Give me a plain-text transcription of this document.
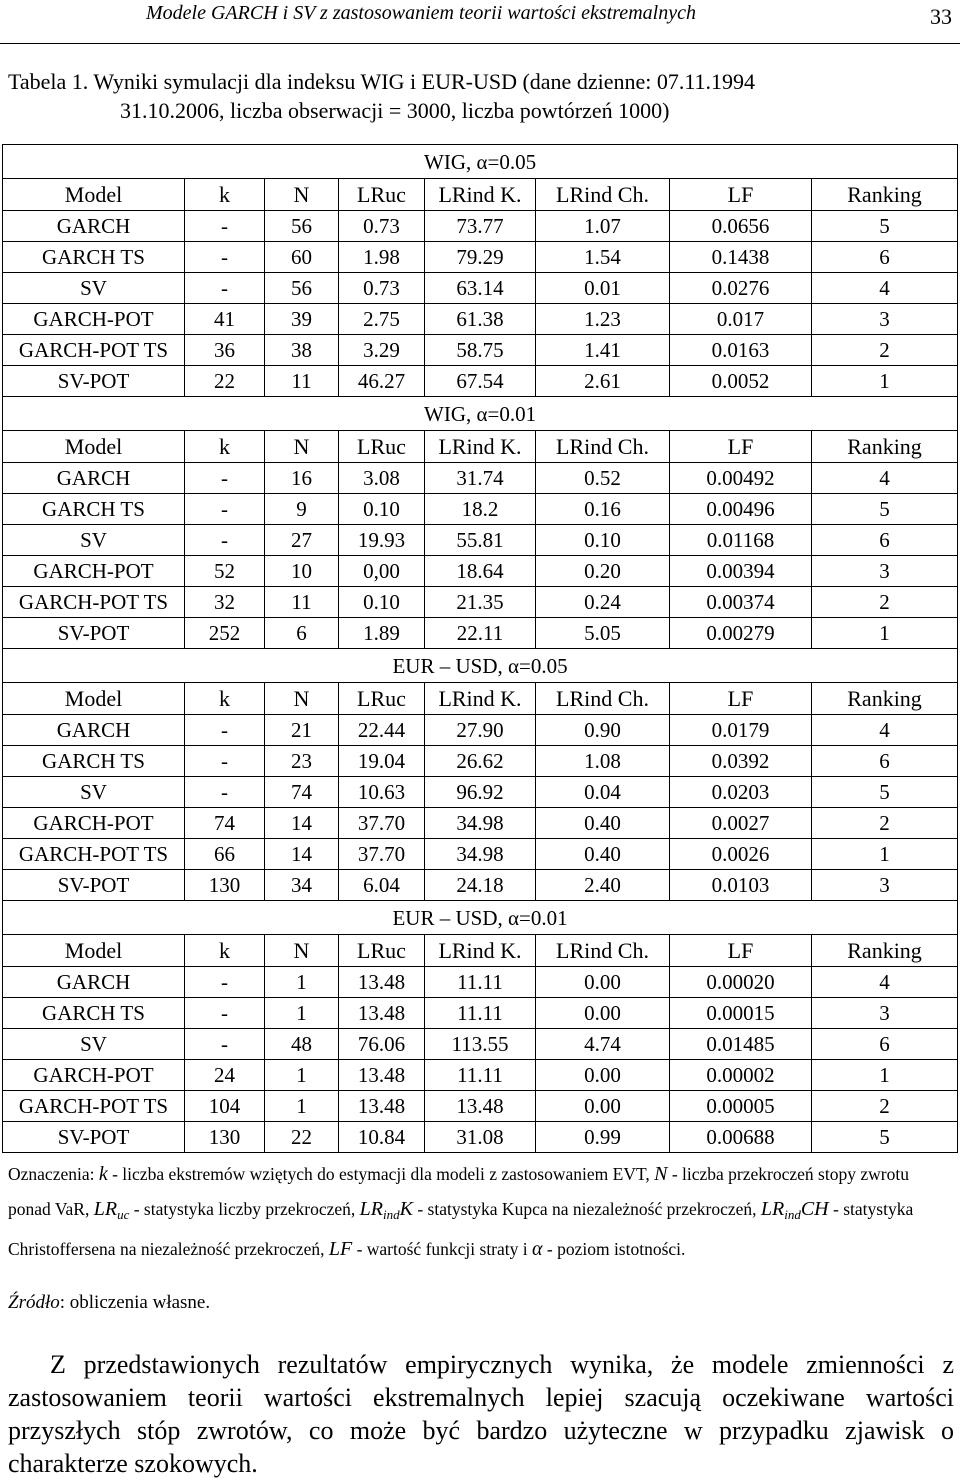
Modele GARCH i SV z zastosowaniem teorii wartości ekstremalnych	33
Tabela 1. Wyniki symulacji dla indeksu WIG i EUR-USD (dane dzienne: 07.11.1994
31.10.2006, liczba obserwacji = 3000, liczba powtórzeń 1000)
WIG, α=0.05							
Model	k	N	LRuc	LRind K.	LRind Ch.	LF	Ranking
GARCH	-	56	0.73	73.77	1.07	0.0656	5
GARCH TS	-	60	1.98	79.29	1.54	0.1438	6
SV	-	56	0.73	63.14	0.01	0.0276	4
GARCH-POT	41	39	2.75	61.38	1.23	0.017	3
GARCH-POT TS	36	38	3.29	58.75	1.41	0.0163	2
SV-POT	22	11	46.27	67.54	2.61	0.0052	1
WIG, α=0.01							
Model	k	N	LRuc	LRind K.	LRind Ch.	LF	Ranking
GARCH	-	16	3.08	31.74	0.52	0.00492	4
GARCH TS	-	9	0.10	18.2	0.16	0.00496	5
SV	-	27	19.93	55.81	0.10	0.01168	6
GARCH-POT	52	10	0,00	18.64	0.20	0.00394	3
GARCH-POT TS	32	11	0.10	21.35	0.24	0.00374	2
SV-POT	252	6	1.89	22.11	5.05	0.00279	1
EUR – USD, α=0.05							
Model	k	N	LRuc	LRind K.	LRind Ch.	LF	Ranking
GARCH	-	21	22.44	27.90	0.90	0.0179	4
GARCH TS	-	23	19.04	26.62	1.08	0.0392	6
SV	-	74	10.63	96.92	0.04	0.0203	5
GARCH-POT	74	14	37.70	34.98	0.40	0.0027	2
GARCH-POT TS	66	14	37.70	34.98	0.40	0.0026	1
SV-POT	130	34	6.04	24.18	2.40	0.0103	3
EUR – USD, α=0.01							
Model	k	N	LRuc	LRind K.	LRind Ch.	LF	Ranking
GARCH	-	1	13.48	11.11	0.00	0.00020	4
GARCH TS	-	1	13.48	11.11	0.00	0.00015	3
SV	-	48	76.06	113.55	4.74	0.01485	6
GARCH-POT	24	1	13.48	11.11	0.00	0.00002	1
GARCH-POT TS	104	1	13.48	13.48	0.00	0.00005	2
SV-POT	130	22	10.84	31.08	0.99	0.00688	5

Oznaczenia: k - liczba ekstremów wziętych do estymacji dla modeli z zastosowaniem EVT, N - liczba przekroczeń stopy zwrotu ponad VaR, $LR_{uc}$ - statystyka liczby przekroczeń, $LR_{ind}K$ - statystyka Kupca na niezależność przekroczeń, $LR_{ind}CH$ - statystyka Christoffersena na niezależność przekroczeń, LF - wartość funkcji straty i α - poziom istotności.

Źródło: obliczenia własne.

Z przedstawionych rezultatów empirycznych wynika, że modele zmienności z zastosowaniem teorii wartości ekstremalnych lepiej szacują oczekiwane wartości przyszłych stóp zwrotów, co może być bardzo użyteczne w przypadku zjawisk o charakterze szokowych.
